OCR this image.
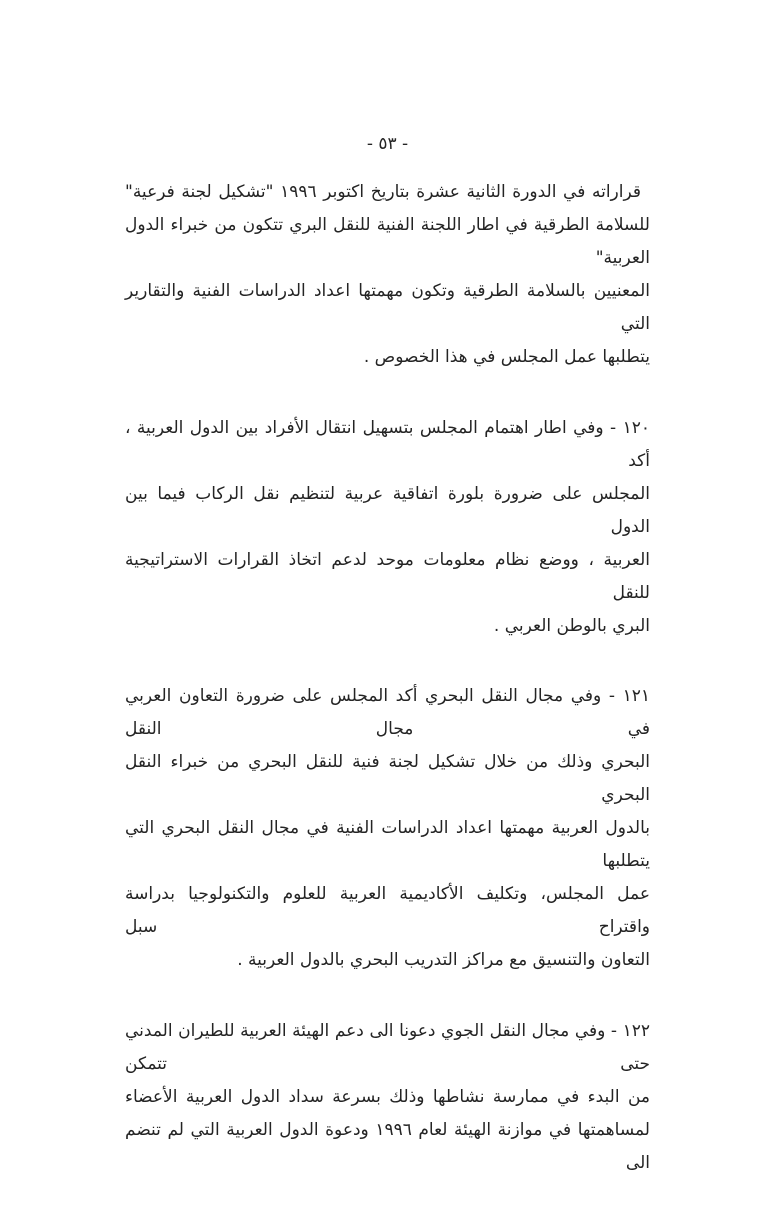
- ٥٣ -
قراراته في الدورة الثانية عشرة بتاريخ اكتوبر ١٩٩٦ "تشكيل لجنة فرعية"
للسلامة الطرقية في اطار اللجنة الفنية للنقل البري تتكون من خبراء الدول العربية"
المعنيين بالسلامة الطرقية وتكون مهمتها اعداد الدراسات الفنية والتقارير التي
يتطلبها عمل المجلس في هذا الخصوص .
١٢٠ - وفي اطار اهتمام المجلس بتسهيل انتقال الأفراد بين الدول العربية ، أكد
المجلس على ضرورة بلورة اتفاقية عربية لتنظيم نقل الركاب فيما بين الدول
العربية ، ووضع نظام معلومات موحد لدعم اتخاذ القرارات الاستراتيجية للنقل
البري بالوطن العربي .
١٢١ - وفي مجال النقل البحري أكد المجلس على ضرورة التعاون العربي في مجال النقل
البحري وذلك من خلال تشكيل لجنة فنية للنقل البحري من خبراء النقل البحري
بالدول العربية مهمتها اعداد الدراسات الفنية في مجال النقل البحري التي يتطلبها
عمل المجلس، وتكليف الأكاديمية العربية للعلوم والتكنولوجيا بدراسة واقتراح سبل
التعاون والتنسيق مع مراكز التدريب البحري بالدول العربية .
١٢٢ - وفي مجال النقل الجوي دعونا الى دعم الهيئة العربية للطيران المدني حتى تتمكن
من البدء في ممارسة نشاطها وذلك بسرعة سداد الدول العربية الأعضاء
لمساهمتها في موازنة الهيئة لعام ١٩٩٦ ودعوة الدول العربية التي لم تنضم الى
